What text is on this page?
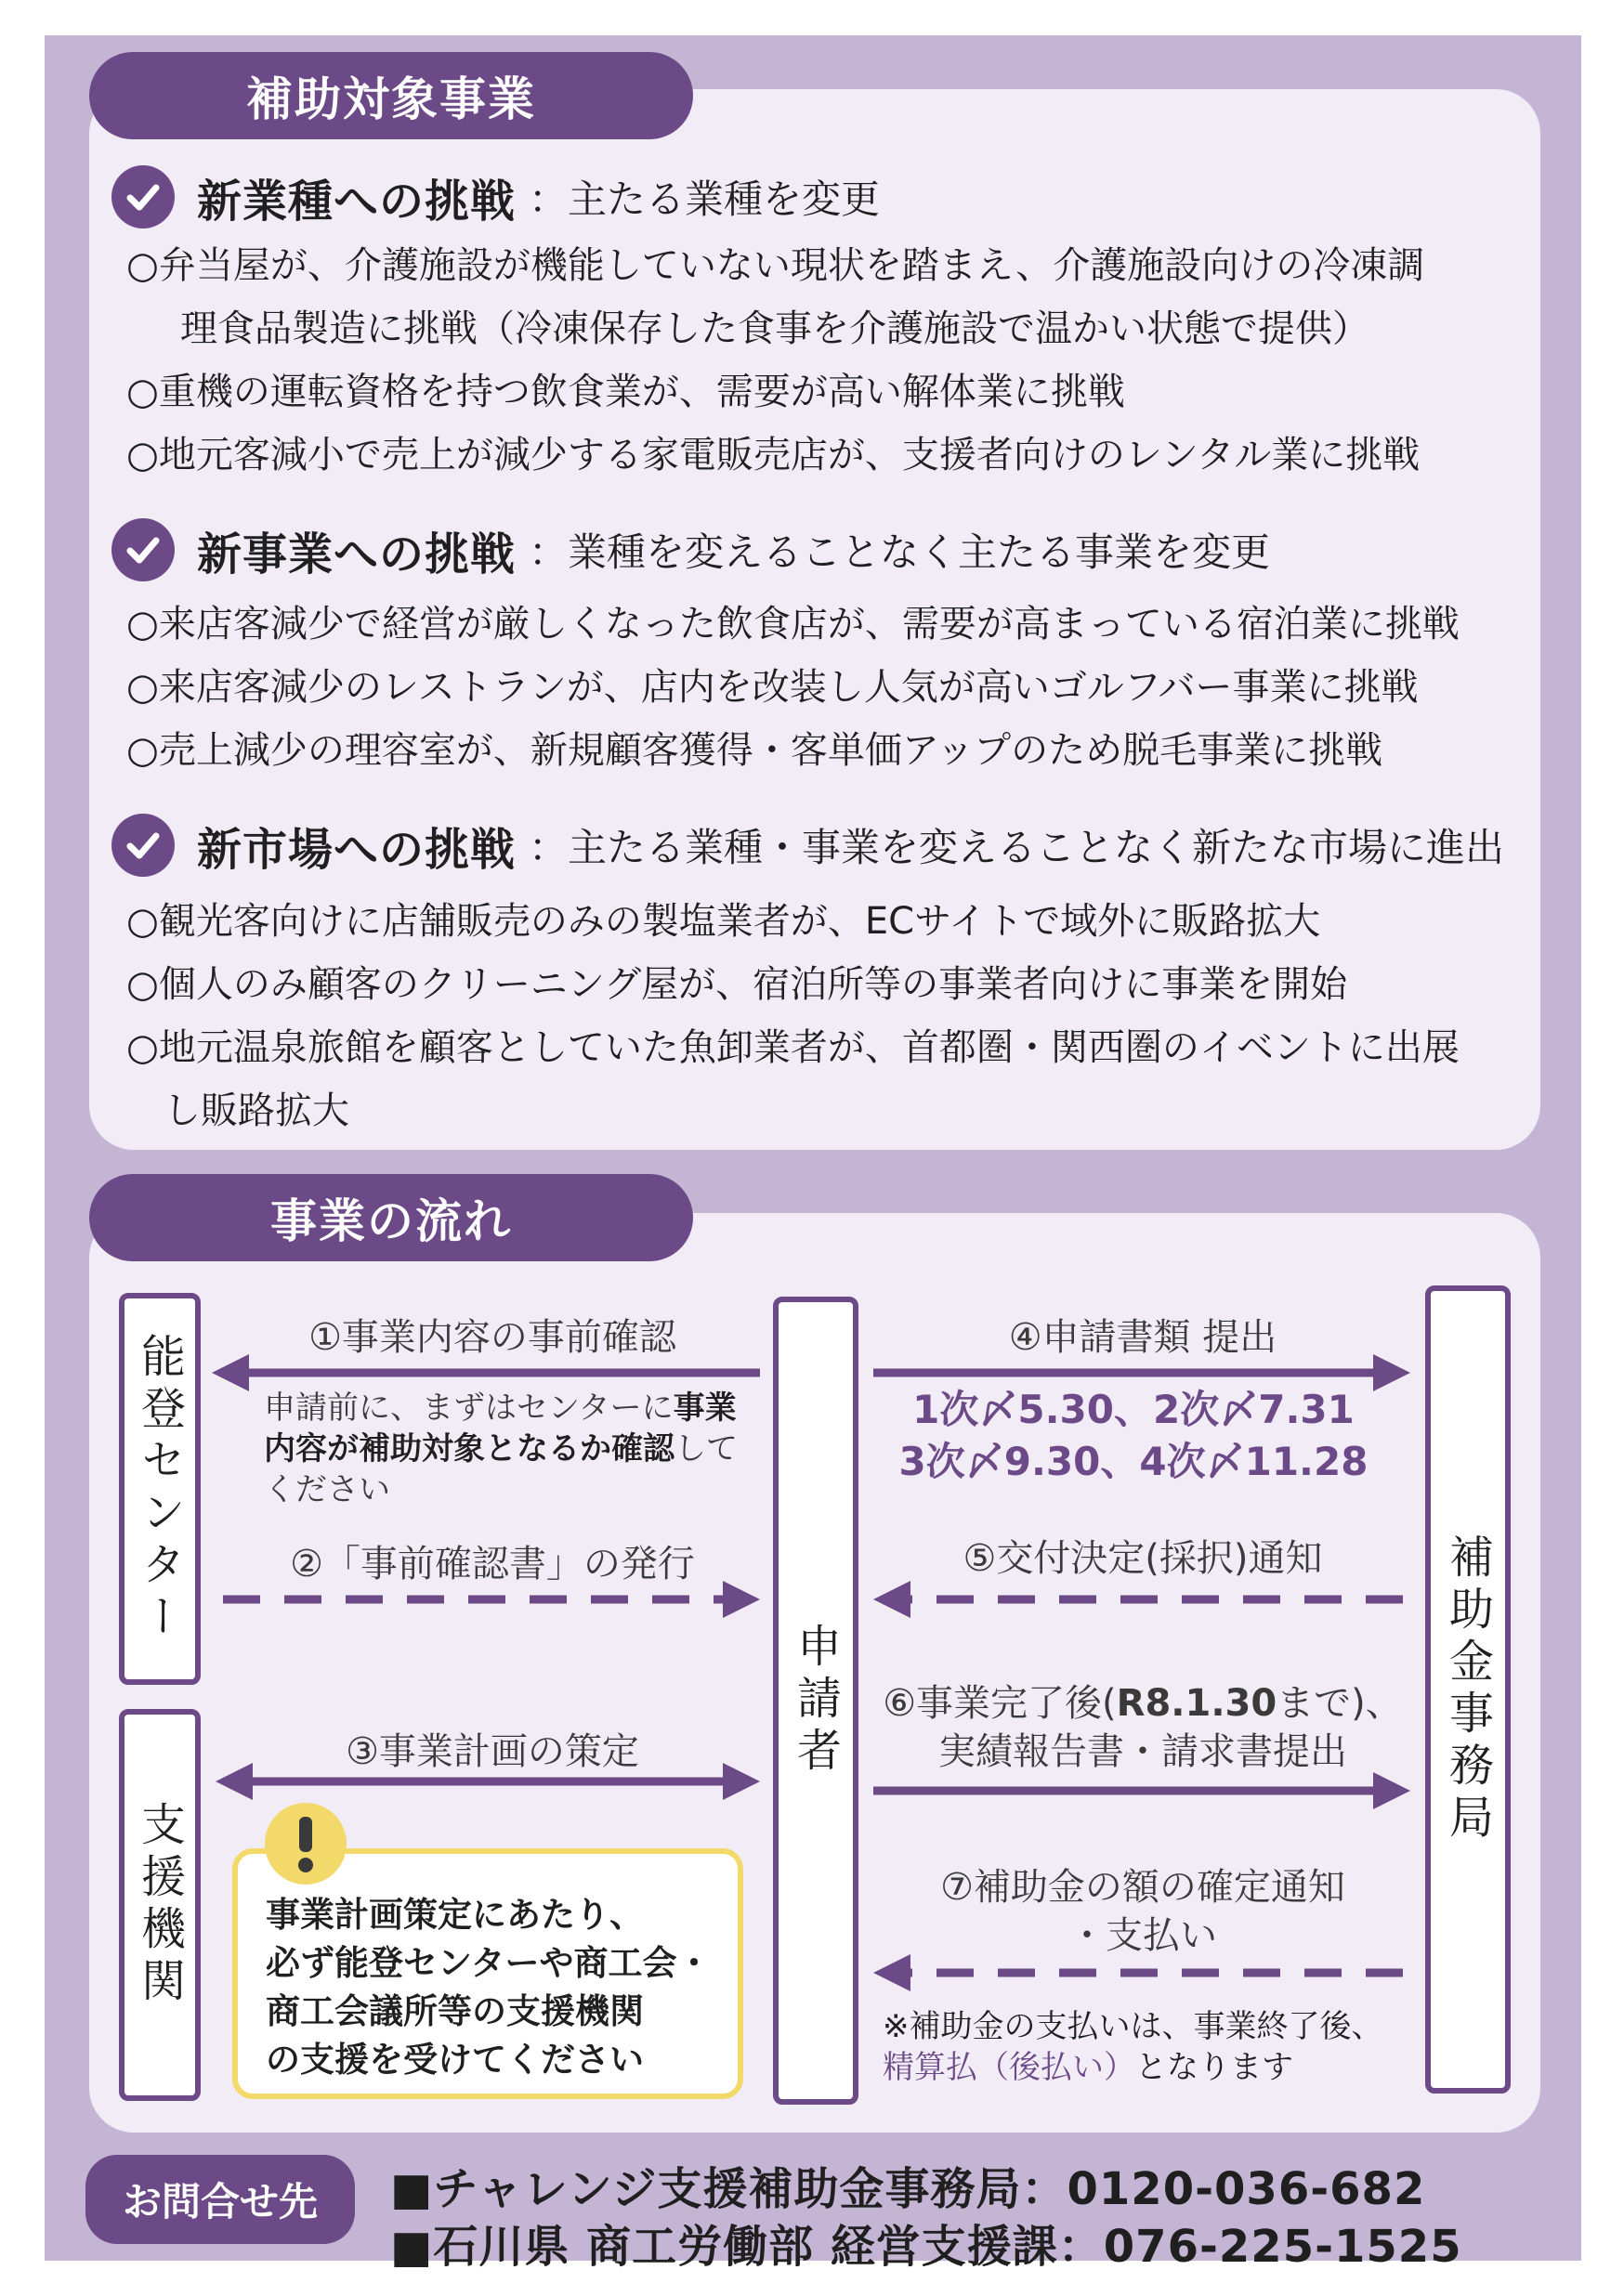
補助対象事業
新業種への挑戦 ：主たる業種を変更
○弁当屋が、介護施設が機能していない現状を踏まえ、介護施設向けの冷凍調
理食品製造に挑戦（冷凍保存した食事を介護施設で温かい状態で提供）
○重機の運転資格を持つ飲食業が、需要が高い解体業に挑戦
○地元客減小で売上が減少する家電販売店が、支援者向けのレンタル業に挑戦
新事業への挑戦 ：業種を変えることなく主たる事業を変更
○来店客減少で経営が厳しくなった飲食店が、需要が高まっている宿泊業に挑戦
○来店客減少のレストランが、店内を改装し人気が高いゴルフバー事業に挑戦
○売上減少の理容室が、新規顧客獲得・客単価アップのため脱毛事業に挑戦
新市場への挑戦 ：主たる業種・事業を変えることなく新たな市場に進出
○観光客向けに店舗販売のみの製塩業者が、ECサイトで域外に販路拡大
○個人のみ顧客のクリーニング屋が、宿泊所等の事業者向けに事業を開始
○地元温泉旅館を顧客としていた魚卸業者が、首都圏・関西圏のイベントに出展
し販路拡大
事業の流れ
能登センター
支援機関
申請者	補助金事務局
①事業内容の事前確認
申請前に、まずはセンターに事業内容が補助対象となるか確認してください
②「事前確認書」の発行
③事業計画の策定
④申請書類 提出
1次〆5.30、2次〆7.31
3次〆9.30、4次〆11.28
⑤交付決定(採択)通知
⑥事業完了後(R8.1.30まで)、
実績報告書・請求書提出
⑦補助金の額の確定通知
・支払い
※補助金の支払いは、事業終了後、
精算払（後払い）となります
事業計画策定にあたり、
必ず能登センターや商工会・
商工会議所等の支援機関
の支援を受けてください
お問合せ先	■チャレンジ支援補助金事務局：0120-036-682
■石川県 商工労働部 経営支援課：076-225-1525
